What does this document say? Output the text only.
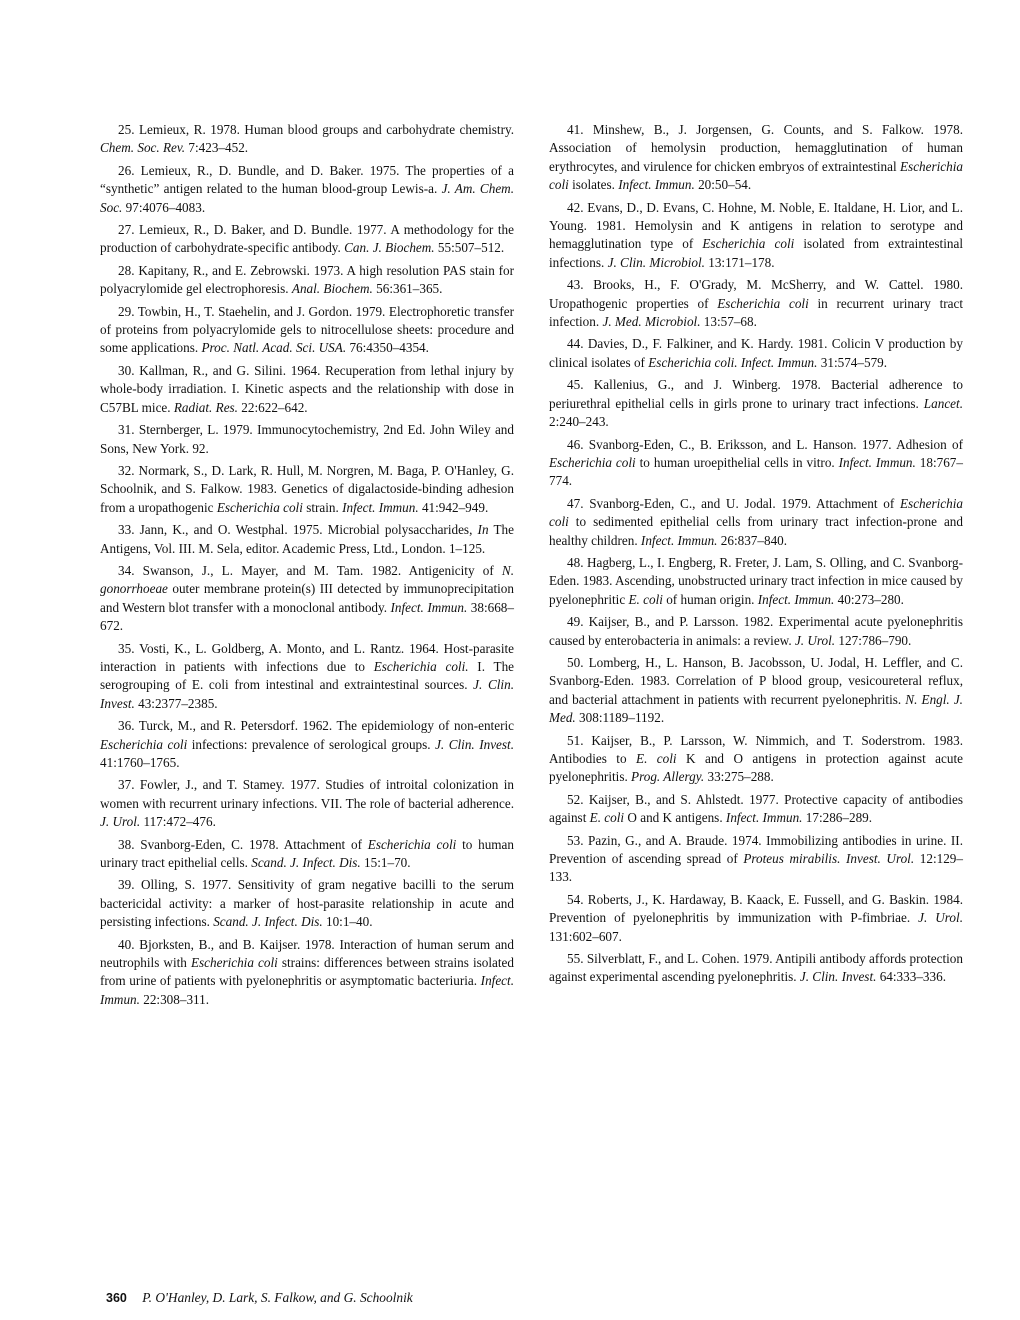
25. Lemieux, R. 1978. Human blood groups and carbohydrate chemistry. Chem. Soc. Rev. 7:423–452.

26. Lemieux, R., D. Bundle, and D. Baker. 1975. The properties of a “synthetic” antigen related to the human blood-group Lewis-a. J. Am. Chem. Soc. 97:4076–4083.

27. Lemieux, R., D. Baker, and D. Bundle. 1977. A methodology for the production of carbohydrate-specific antibody. Can. J. Biochem. 55:507–512.

28. Kapitany, R., and E. Zebrowski. 1973. A high resolution PAS stain for polyacrylomide gel electrophoresis. Anal. Biochem. 56:361–365.

29. Towbin, H., T. Staehelin, and J. Gordon. 1979. Electrophoretic transfer of proteins from polyacrylomide gels to nitrocellulose sheets: procedure and some applications. Proc. Natl. Acad. Sci. USA. 76:4350–4354.

30. Kallman, R., and G. Silini. 1964. Recuperation from lethal injury by whole-body irradiation. I. Kinetic aspects and the relationship with dose in C57BL mice. Radiat. Res. 22:622–642.

31. Sternberger, L. 1979. Immunocytochemistry, 2nd Ed. John Wiley and Sons, New York. 92.

32. Normark, S., D. Lark, R. Hull, M. Norgren, M. Baga, P. O'Hanley, G. Schoolnik, and S. Falkow. 1983. Genetics of digalactoside-binding adhesion from a uropathogenic Escherichia coli strain. Infect. Immun. 41:942–949.

33. Jann, K., and O. Westphal. 1975. Microbial polysaccharides, In The Antigens, Vol. III. M. Sela, editor. Academic Press, Ltd., London. 1–125.

34. Swanson, J., L. Mayer, and M. Tam. 1982. Antigenicity of N. gonorrhoeae outer membrane protein(s) III detected by immunoprecipitation and Western blot transfer with a monoclonal antibody. Infect. Immun. 38:668–672.

35. Vosti, K., L. Goldberg, A. Monto, and L. Rantz. 1964. Host-parasite interaction in patients with infections due to Escherichia coli. I. The serogrouping of E. coli from intestinal and extraintestinal sources. J. Clin. Invest. 43:2377–2385.

36. Turck, M., and R. Petersdorf. 1962. The epidemiology of non-enteric Escherichia coli infections: prevalence of serological groups. J. Clin. Invest. 41:1760–1765.

37. Fowler, J., and T. Stamey. 1977. Studies of introital colonization in women with recurrent urinary infections. VII. The role of bacterial adherence. J. Urol. 117:472–476.

38. Svanborg-Eden, C. 1978. Attachment of Escherichia coli to human urinary tract epithelial cells. Scand. J. Infect. Dis. 15:1–70.

39. Olling, S. 1977. Sensitivity of gram negative bacilli to the serum bactericidal activity: a marker of host-parasite relationship in acute and persisting infections. Scand. J. Infect. Dis. 10:1–40.

40. Bjorksten, B., and B. Kaijser. 1978. Interaction of human serum and neutrophils with Escherichia coli strains: differences between strains isolated from urine of patients with pyelonephritis or asymptomatic bacteriuria. Infect. Immun. 22:308–311.

41. Minshew, B., J. Jorgensen, G. Counts, and S. Falkow. 1978. Association of hemolysin production, hemagglutination of human erythrocytes, and virulence for chicken embryos of extraintestinal Escherichia coli isolates. Infect. Immun. 20:50–54.

42. Evans, D., D. Evans, C. Hohne, M. Noble, E. Italdane, H. Lior, and L. Young. 1981. Hemolysin and K antigens in relation to serotype and hemagglutination type of Escherichia coli isolated from extraintestinal infections. J. Clin. Microbiol. 13:171–178.

43. Brooks, H., F. O'Grady, M. McSherry, and W. Cattel. 1980. Uropathogenic properties of Escherichia coli in recurrent urinary tract infection. J. Med. Microbiol. 13:57–68.

44. Davies, D., F. Falkiner, and K. Hardy. 1981. Colicin V production by clinical isolates of Escherichia coli. Infect. Immun. 31:574–579.

45. Kallenius, G., and J. Winberg. 1978. Bacterial adherence to periurethral epithelial cells in girls prone to urinary tract infections. Lancet. 2:240–243.

46. Svanborg-Eden, C., B. Eriksson, and L. Hanson. 1977. Adhesion of Escherichia coli to human uroepithelial cells in vitro. Infect. Immun. 18:767–774.

47. Svanborg-Eden, C., and U. Jodal. 1979. Attachment of Escherichia coli to sedimented epithelial cells from urinary tract infection-prone and healthy children. Infect. Immun. 26:837–840.

48. Hagberg, L., I. Engberg, R. Freter, J. Lam, S. Olling, and C. Svanborg-Eden. 1983. Ascending, unobstructed urinary tract infection in mice caused by pyelonephritic E. coli of human origin. Infect. Immun. 40:273–280.

49. Kaijser, B., and P. Larsson. 1982. Experimental acute pyelonephritis caused by enterobacteria in animals: a review. J. Urol. 127:786–790.

50. Lomberg, H., L. Hanson, B. Jacobsson, U. Jodal, H. Leffler, and C. Svanborg-Eden. 1983. Correlation of P blood group, vesicoureteral reflux, and bacterial attachment in patients with recurrent pyelonephritis. N. Engl. J. Med. 308:1189–1192.

51. Kaijser, B., P. Larsson, W. Nimmich, and T. Soderstrom. 1983. Antibodies to E. coli K and O antigens in protection against acute pyelonephritis. Prog. Allergy. 33:275–288.

52. Kaijser, B., and S. Ahlstedt. 1977. Protective capacity of antibodies against E. coli O and K antigens. Infect. Immun. 17:286–289.

53. Pazin, G., and A. Braude. 1974. Immobilizing antibodies in urine. II. Prevention of ascending spread of Proteus mirabilis. Invest. Urol. 12:129–133.

54. Roberts, J., K. Hardaway, B. Kaack, E. Fussell, and G. Baskin. 1984. Prevention of pyelonephritis by immunization with P-fimbriae. J. Urol. 131:602–607.

55. Silverblatt, F., and L. Cohen. 1979. Antipili antibody affords protection against experimental ascending pyelonephritis. J. Clin. Invest. 64:333–336.

360 P. O'Hanley, D. Lark, S. Falkow, and G. Schoolnik
